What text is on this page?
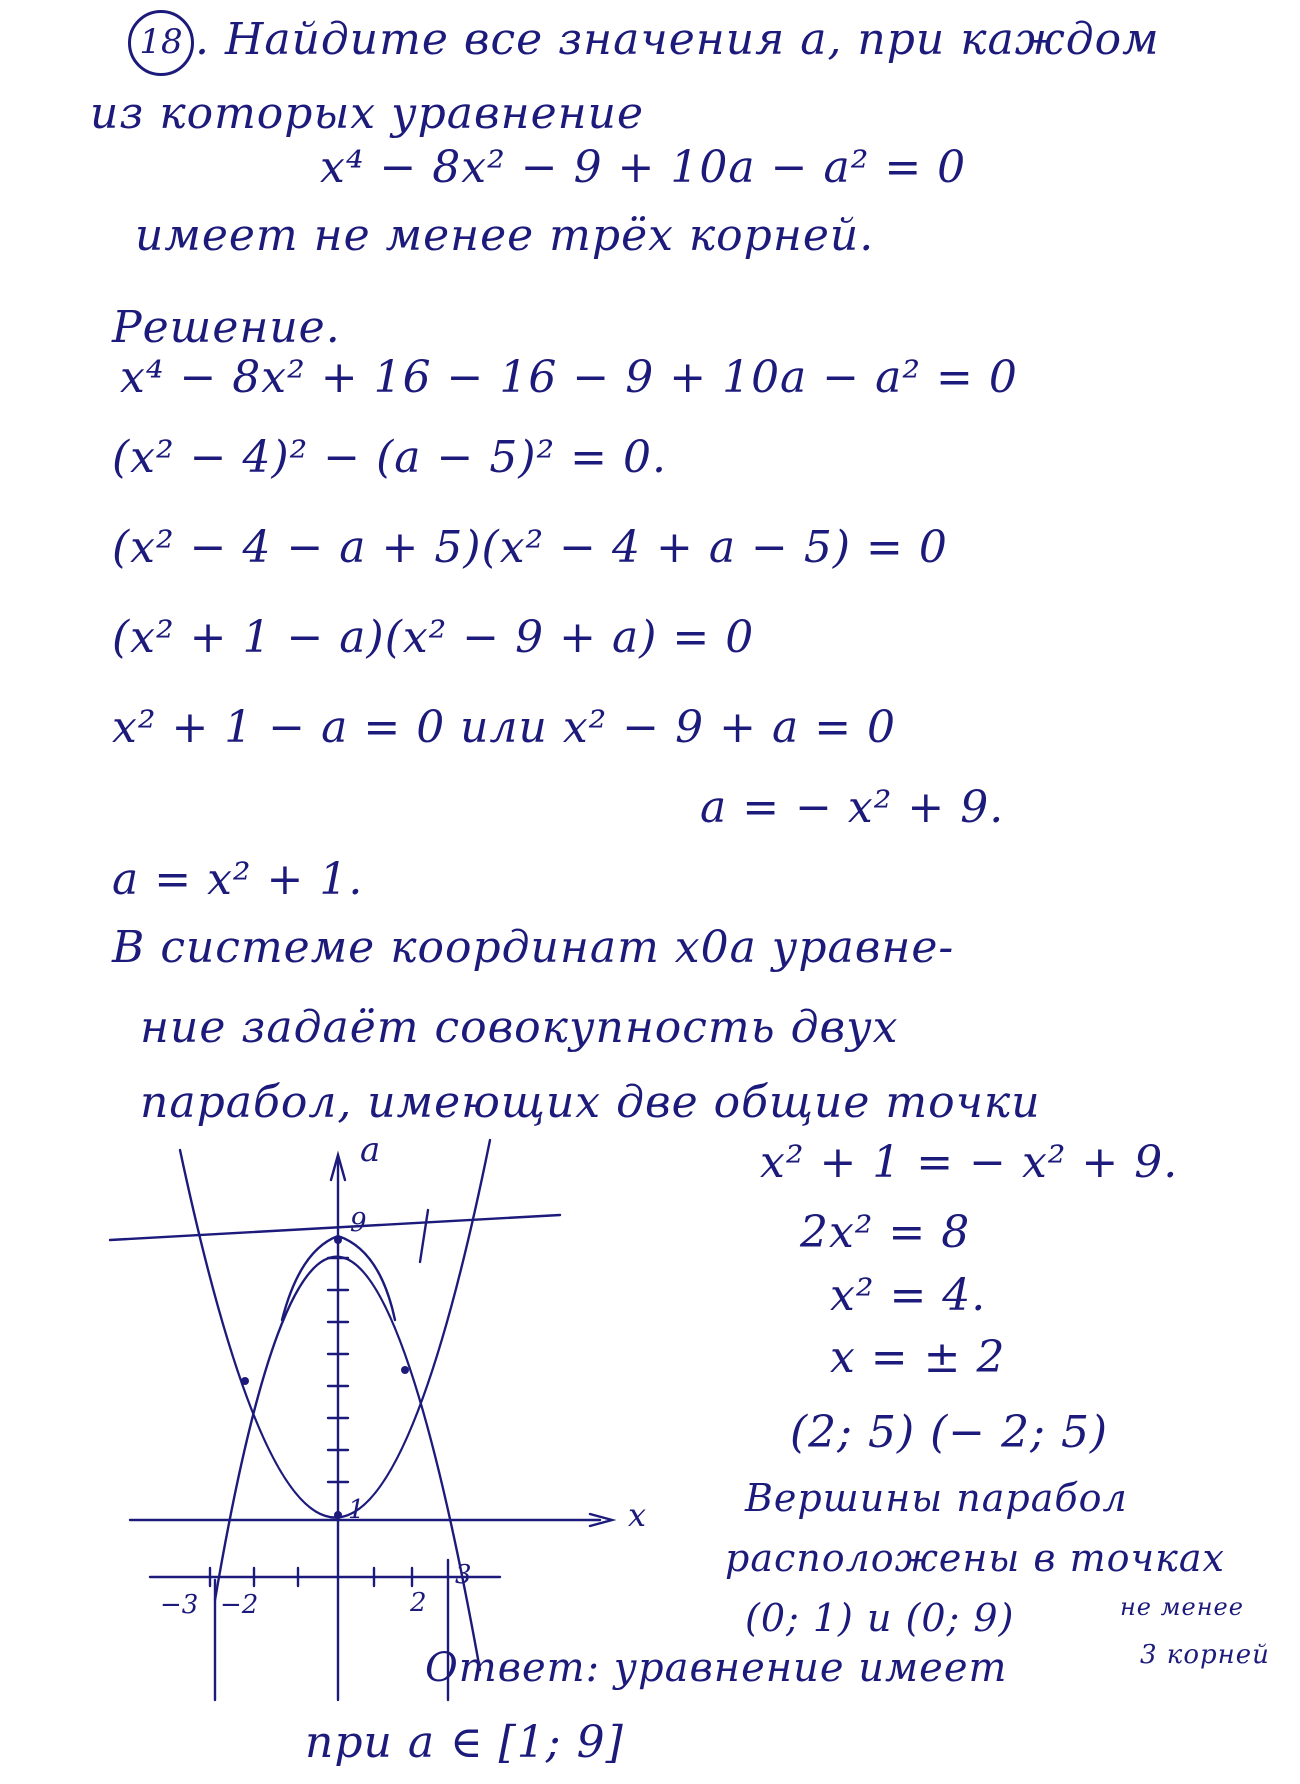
18 . Найдите все значения a, при каждом
из которых уравнение
x⁴ − 8x² − 9 + 10a − a² = 0
имеет не менее трёх корней.
Решение.
x⁴ − 8x² + 16 − 16 − 9 + 10a − a² = 0
(x² − 4)² − (a − 5)² = 0.
(x² − 4 − a + 5)(x² − 4 + a − 5) = 0
(x² + 1 − a)(x² − 9 + a) = 0
x² + 1 − a = 0 или x² − 9 + a = 0
a = − x² + 9.
a = x² + 1.
В системе координат x0a уравне-
ние задаёт совокупность двух
парабол, имеющих две общие точки
x² + 1 = − x² + 9.
2x² = 8
x² = 4.
x = ± 2
(2; 5) (− 2; 5)
Вершины парабол
расположены в точках
(0; 1) и (0; 9)	не менее
3 корней
Ответ: уравнение имеет
при a ∈ [1; 9]
a
x
9
1
−3 −2	2
3
